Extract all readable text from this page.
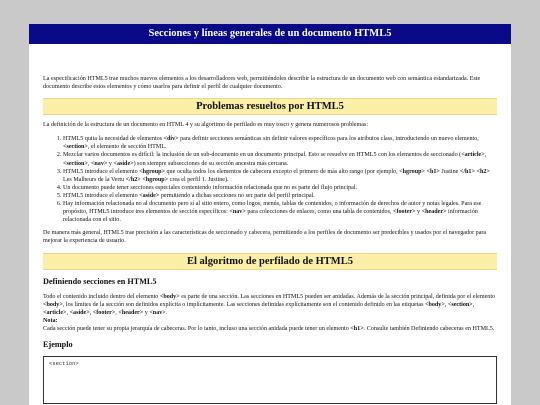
Secciones y líneas generales de un documento HTML5

La especificación HTML5 trae muchos nuevos elementos a los desarrolladores web, permitiéndoles describir la estructura de un documento web con semántica estandarizada. Este documento describe estos elementos y cómo usarlos para definir el perfil de cualquier documento.

Problemas resueltos por HTML5

La definición de la estructura de un documento en HTML 4 y su algoritmo de perfilado es muy tosco y genera numerosos problemas:

1. HTML5 quita la necesidad de elementos <div> para definir secciones semánticas sin definir valores específicos para los atributos class, introduciendo un nuevo elemento, <section>, el elemento de sección HTML.
2. Mezclar varios documentos es difícil: la inclusión de un sub-documento en un documento principal. Esto se resuelve en HTML5 con los elementos de seccionado (<article>,<section>, <nav> y <aside>) son siempre subsecciones de su sección ancestra más cercana.
3. HTML5 introduce el elemento <hgroup> que oculta todos los elementos de cabecera excepto el primero de más alto rango (por ejemplo, <hgroup> <h1> Justine </h1> <h2> Les Malheurs de la Vertu </h2> <hgroup> crea el perfil 1. Justine).
4. Un documento puede tener secciones especiales conteniendo información relacionada que no es parte del flujo principal.
5. HTML5 introduce el elemento <aside> permitiendo a dichas secciones no ser parte del perfil principal.
6. Hay información relacionada no al documento pero sí al sitio entero, como logos, menús, tablas de contenidos, o información de derechos de autor y notas legales. Para ese propósito, HTML5 introduce tres elementos de sección específicos: <nav> para colecciones de enlaces, como una tabla de contenidos, <footer> y <header> información relacionada con el sitio.

De manera más general, HTML5 trae precisión a las características de seccionado y cabecera, permitiendo a los perfiles de documento ser predecibles y usados por el navegador para mejorar la experiencia de usuario.

El algoritmo de perfilado de HTML5
Definiendo secciones en HTML5

Todo el contenido incluido dentro del elemento <body> es parte de una sección. Las secciones en HTML5 pueden ser anidadas. Además de la sección principal, definida por el elemento <body>, los límites de la sección son definidos explícita o implícitamente. Las secciones definidas explícitamente son el contenido definido en las etiquetas <body>, <section>, <article>, <aside>, <footer>, <header> y <nav>.

Nota:

Cada sección puede tener su propia jerarquía de cabeceras. Por lo tanto, incluso una sección anidada puede tener un elemento <h1>. Consulte también Definiendo cabeceras en HTML5.

Ejemplo
<section>
